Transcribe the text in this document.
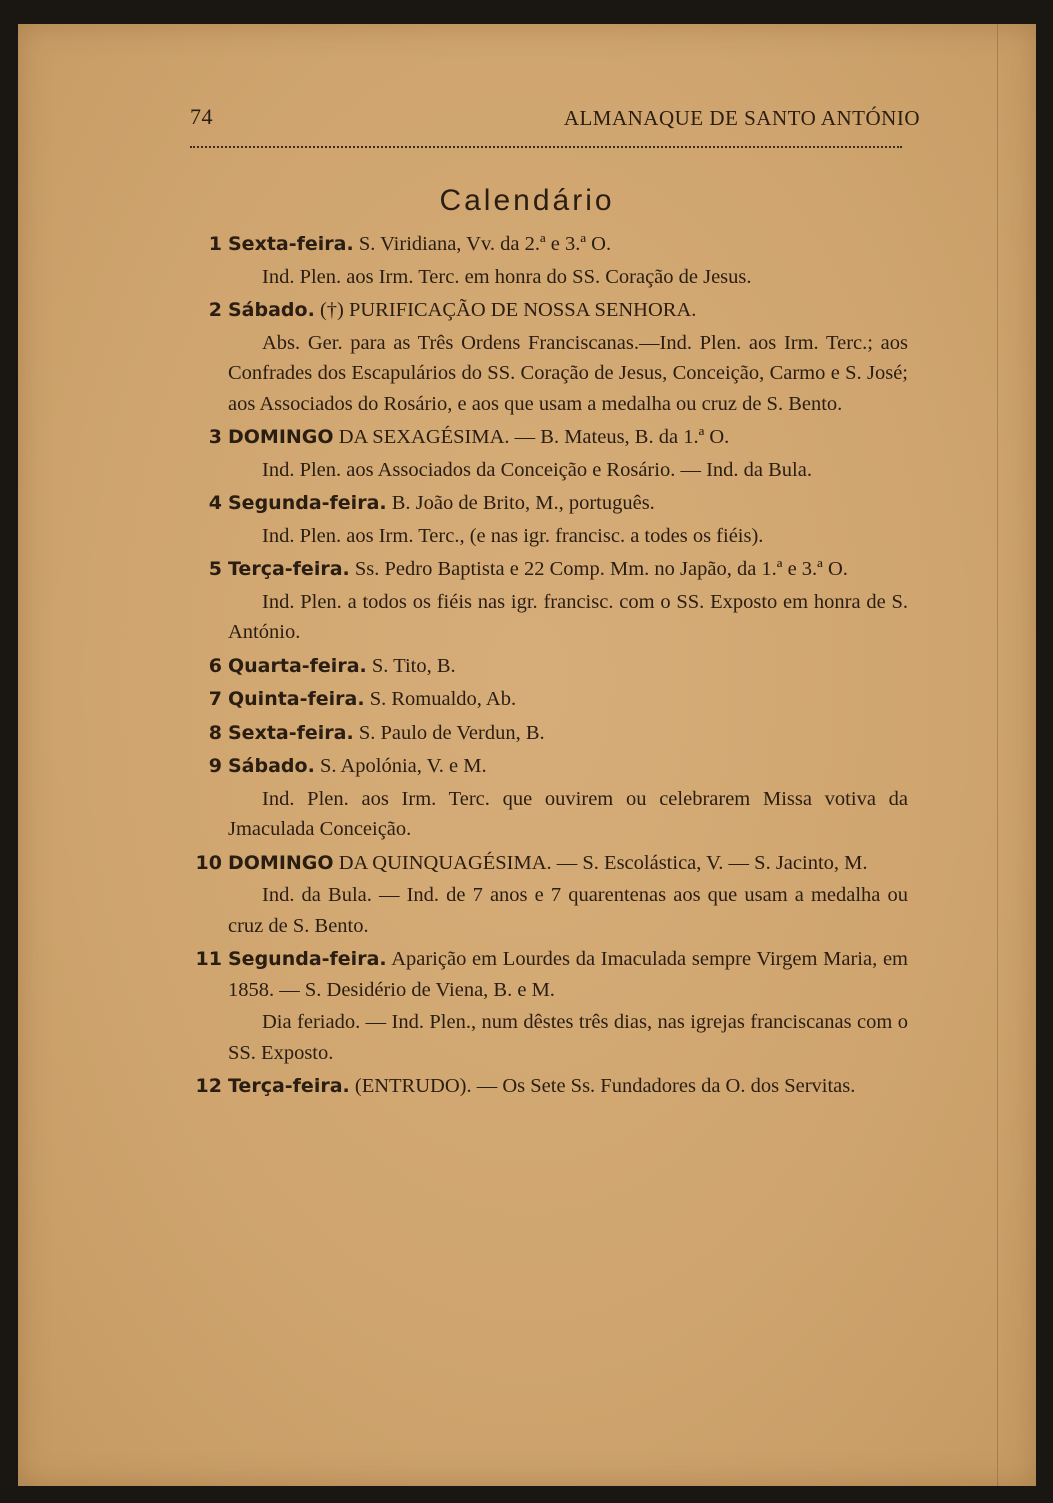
74	ALMANAQUE DE SANTO ANTÓNIO
Calendário
1 Sexta-feira. S. Viridiana, Vv. da 2.ª e 3.ª O.
Ind. Plen. aos Irm. Terc. em honra do SS. Coração de Jesus.
2 Sábado. (†) PURIFICAÇÃO DE NOSSA SENHORA.
Abs. Ger. para as Três Ordens Franciscanas.—Ind. Plen. aos Irm. Terc.; aos Confrades dos Escapulários do SS. Coração de Jesus, Conceição, Carmo e S. José; aos Associados do Rosário, e aos que usam a medalha ou cruz de S. Bento.
3 DOMINGO DA SEXAGÉSIMA. — B. Mateus, B. da 1.ª O.
Ind. Plen. aos Associados da Conceição e Rosário. — Ind. da Bula.
4 Segunda-feira. B. João de Brito, M., português.
Ind. Plen. aos Irm. Terc., (e nas igr. francisc. a todes os fiéis).
5 Terça-feira. Ss. Pedro Baptista e 22 Comp. Mm. no Japão, da 1.ª e 3.ª O.
Ind. Plen. a todos os fiéis nas igr. francisc. com o SS. Exposto em honra de S. António.
6 Quarta-feira. S. Tito, B.
7 Quinta-feira. S. Romualdo, Ab.
8 Sexta-feira. S. Paulo de Verdun, B.
9 Sábado. S. Apolónia, V. e M.
Ind. Plen. aos Irm. Terc. que ouvirem ou celebrarem Missa votiva da Jmaculada Conceição.
10 DOMINGO DA QUINQUAGÉSIMA. — S. Escolástica, V. — S. Jacinto, M.
Ind. da Bula. — Ind. de 7 anos e 7 quarentenas aos que usam a medalha ou cruz de S. Bento.
11 Segunda-feira. Aparição em Lourdes da Imaculada sempre Virgem Maria, em 1858. — S. Desidério de Viena, B. e M.
Dia feriado. — Ind. Plen., num dêstes três dias, nas igrejas franciscanas com o SS. Exposto.
12 Terça-feira. (ENTRUDO). — Os Sete Ss. Fundadores da O. dos Servitas.
